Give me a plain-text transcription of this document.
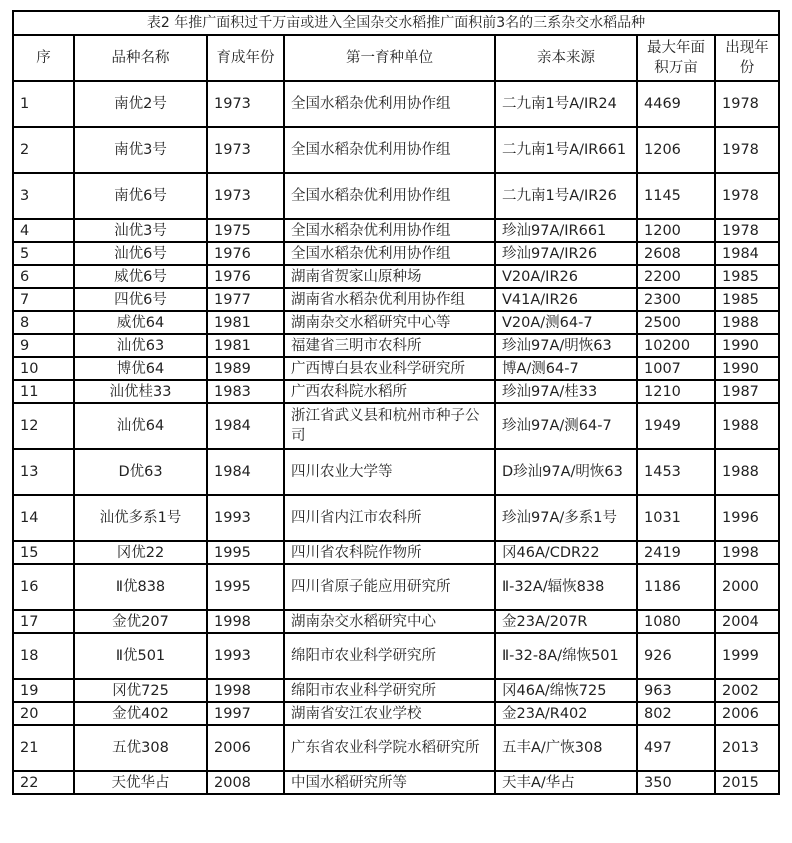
表2 年推广面积过千万亩或进入全国杂交水稻推广面积前3名的三系杂交水稻品种						
序	品种名称	育成年份	第一育种单位	亲本来源	最大年面积万亩	出现年份
1	南优2号	1973	全国水稻杂优利用协作组	二九南1号A/IR24	4469	1978
2	南优3号	1973	全国水稻杂优利用协作组	二九南1号A/IR661	1206	1978
3	南优6号	1973	全国水稻杂优利用协作组	二九南1号A/IR26	1145	1978
4	汕优3号	1975	全国水稻杂优利用协作组	珍汕97A/IR661	1200	1978
5	汕优6号	1976	全国水稻杂优利用协作组	珍汕97A/IR26	2608	1984
6	威优6号	1976	湖南省贺家山原种场	V20A/IR26	2200	1985
7	四优6号	1977	湖南省水稻杂优利用协作组	V41A/IR26	2300	1985
8	威优64	1981	湖南杂交水稻研究中心等	V20A/测64-7	2500	1988
9	汕优63	1981	福建省三明市农科所	珍汕97A/明恢63	10200	1990
10	博优64	1989	广西博白县农业科学研究所	博A/测64-7	1007	1990
11	汕优桂33	1983	广西农科院水稻所	珍汕97A/桂33	1210	1987
12	汕优64	1984	浙江省武义县和杭州市种子公司	珍汕97A/测64-7	1949	1988
13	D优63	1984	四川农业大学等	D珍汕97A/明恢63	1453	1988
14	汕优多系1号	1993	四川省内江市农科所	珍汕97A/多系1号	1031	1996
15	冈优22	1995	四川省农科院作物所	冈46A/CDR22	2419	1998
16	Ⅱ优838	1995	四川省原子能应用研究所	Ⅱ-32A/辐恢838	1186	2000
17	金优207	1998	湖南杂交水稻研究中心	金23A/207R	1080	2004
18	Ⅱ优501	1993	绵阳市农业科学研究所	Ⅱ-32-8A/绵恢501	926	1999
19	冈优725	1998	绵阳市农业科学研究所	冈46A/绵恢725	963	2002
20	金优402	1997	湖南省安江农业学校	金23A/R402	802	2006
21	五优308	2006	广东省农业科学院水稻研究所	五丰A/广恢308	497	2013
22	天优华占	2008	中国水稻研究所等	天丰A/华占	350	2015
